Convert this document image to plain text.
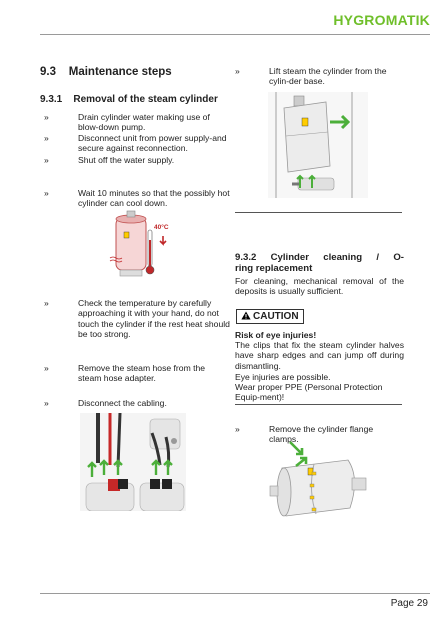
HYGROMATIK
9.3    Maintenance steps
9.3.1    Removal of the steam cylinder
»	Drain cylinder water making use of blow-down pump.
»	Disconnect unit from power supply-and secure against reconnection.
»	Shut off the water supply.
»	Wait 10 minutes so that the possibly hot cylinder can cool down.
40°C
»	Check the temperature by carefully approaching it with your hand, do not touch the cylinder if the rest heat should be too strong.
»	Remove the steam hose from the steam hose adapter.
»	Disconnect the cabling.
»	Lift steam the cylinder from the cylin-der base.
9.3.2    Cylinder    cleaning    /    O-ring replacement
For cleaning, mechanical removal of the deposits is usually sufficient.
CAUTION
Risk of eye injuries!
The clips that fix the steam cylinder halves have sharp edges and can jump off during dismantling.
Eye injuries are possible.
Wear proper PPE (Personal Protection Equip-ment)!
»	Remove the cylinder flange clamps.
Page 29
